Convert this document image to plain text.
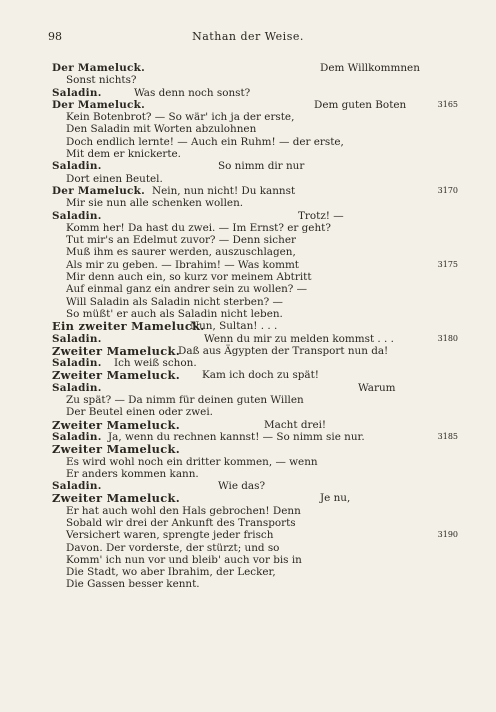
98	Nathan der Weise.
Der Mameluck.	Dem Willkommnen
Sonst nichts?
Saladin.	Was denn noch sonst?
Der Mameluck.	Dem guten Boten	3165
Kein Botenbrot? — So wär' ich ja der erste,
Den Saladin mit Worten abzulohnen
Doch endlich lernte! — Auch ein Ruhm! — der erste,
Mit dem er knickerte.
Saladin.	So nimm dir nur
Dort einen Beutel.
Der Mameluck. Nein, nun nicht! Du kannst	3170
Mir sie nun alle schenken wollen.
Saladin.	Trotz! —
Komm her! Da hast du zwei. — Im Ernst? er geht?
Tut mir's an Edelmut zuvor? — Denn sicher
Muß ihm es saurer werden, auszuschlagen,
Als mir zu geben. — Ibrahim! — Was kommt	3175
Mir denn auch ein, so kurz vor meinem Abtritt
Auf einmal ganz ein andrer sein zu wollen? —
Will Saladin als Saladin nicht sterben? —
So müßt' er auch als Saladin nicht leben.
Ein zweiter Mameluck.
Nun, Sultan! . . .
Saladin.	Wenn du mir zu melden kommst . . .	3180
Zweiter Mameluck.
Daß aus Ägypten der Transport nun da!
Saladin. Ich weiß schon.
Zweiter Mameluck. Kam ich doch zu spät!
Saladin.	Warum
Zu spät? — Da nimm für deinen guten Willen
Der Beutel einen oder zwei.
Zweiter Mameluck.	Macht drei!
Saladin. Ja, wenn du rechnen kannst! — So nimm sie nur.	3185
Zweiter Mameluck.
Es wird wohl noch ein dritter kommen, — wenn
Er anders kommen kann.
Saladin.	Wie das?
Zweiter Mameluck.	Je nu,
Er hat auch wohl den Hals gebrochen! Denn
Sobald wir drei der Ankunft des Transports
Versichert waren, sprengte jeder frisch	3190
Davon. Der vorderste, der stürzt; und so
Komm' ich nun vor und bleib' auch vor bis in
Die Stadt, wo aber Ibrahim, der Lecker,
Die Gassen besser kennt.
